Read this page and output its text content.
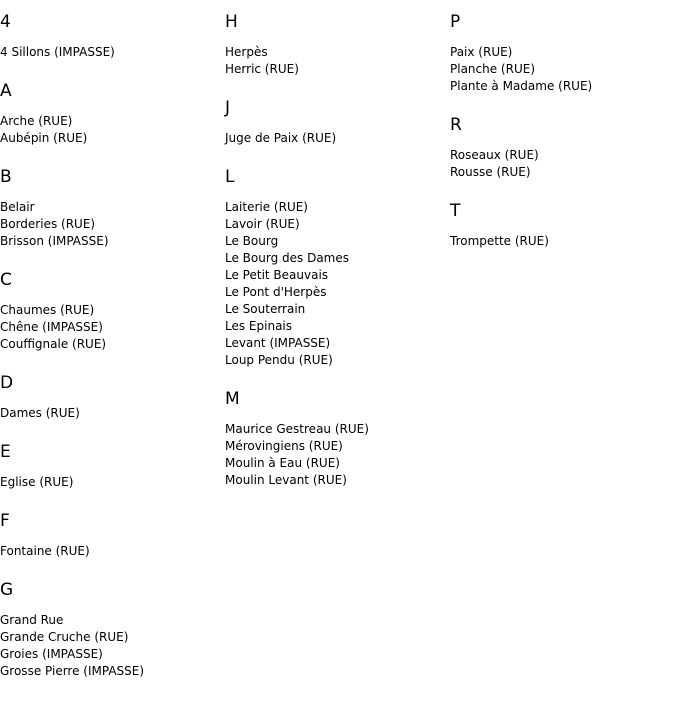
4
4 Sillons (IMPASSE)
A
Arche (RUE)
Aubépin (RUE)
B
Belair
Borderies (RUE)
Brisson (IMPASSE)
C
Chaumes (RUE)
Chêne (IMPASSE)
Couffignale (RUE)
D
Dames (RUE)
E
Eglise (RUE)
F
Fontaine (RUE)
G
Grand Rue
Grande Cruche (RUE)
Groies (IMPASSE)
Grosse Pierre (IMPASSE)
H
Herpès
Herric (RUE)
J
Juge de Paix (RUE)
L
Laiterie (RUE)
Lavoir (RUE)
Le Bourg
Le Bourg des Dames
Le Petit Beauvais
Le Pont d'Herpès
Le Souterrain
Les Epinais
Levant (IMPASSE)
Loup Pendu (RUE)
M
Maurice Gestreau (RUE)
Mérovingiens (RUE)
Moulin à Eau (RUE)
Moulin Levant (RUE)
P
Paix (RUE)
Planche (RUE)
Plante à Madame (RUE)
R
Roseaux (RUE)
Rousse (RUE)
T
Trompette (RUE)
